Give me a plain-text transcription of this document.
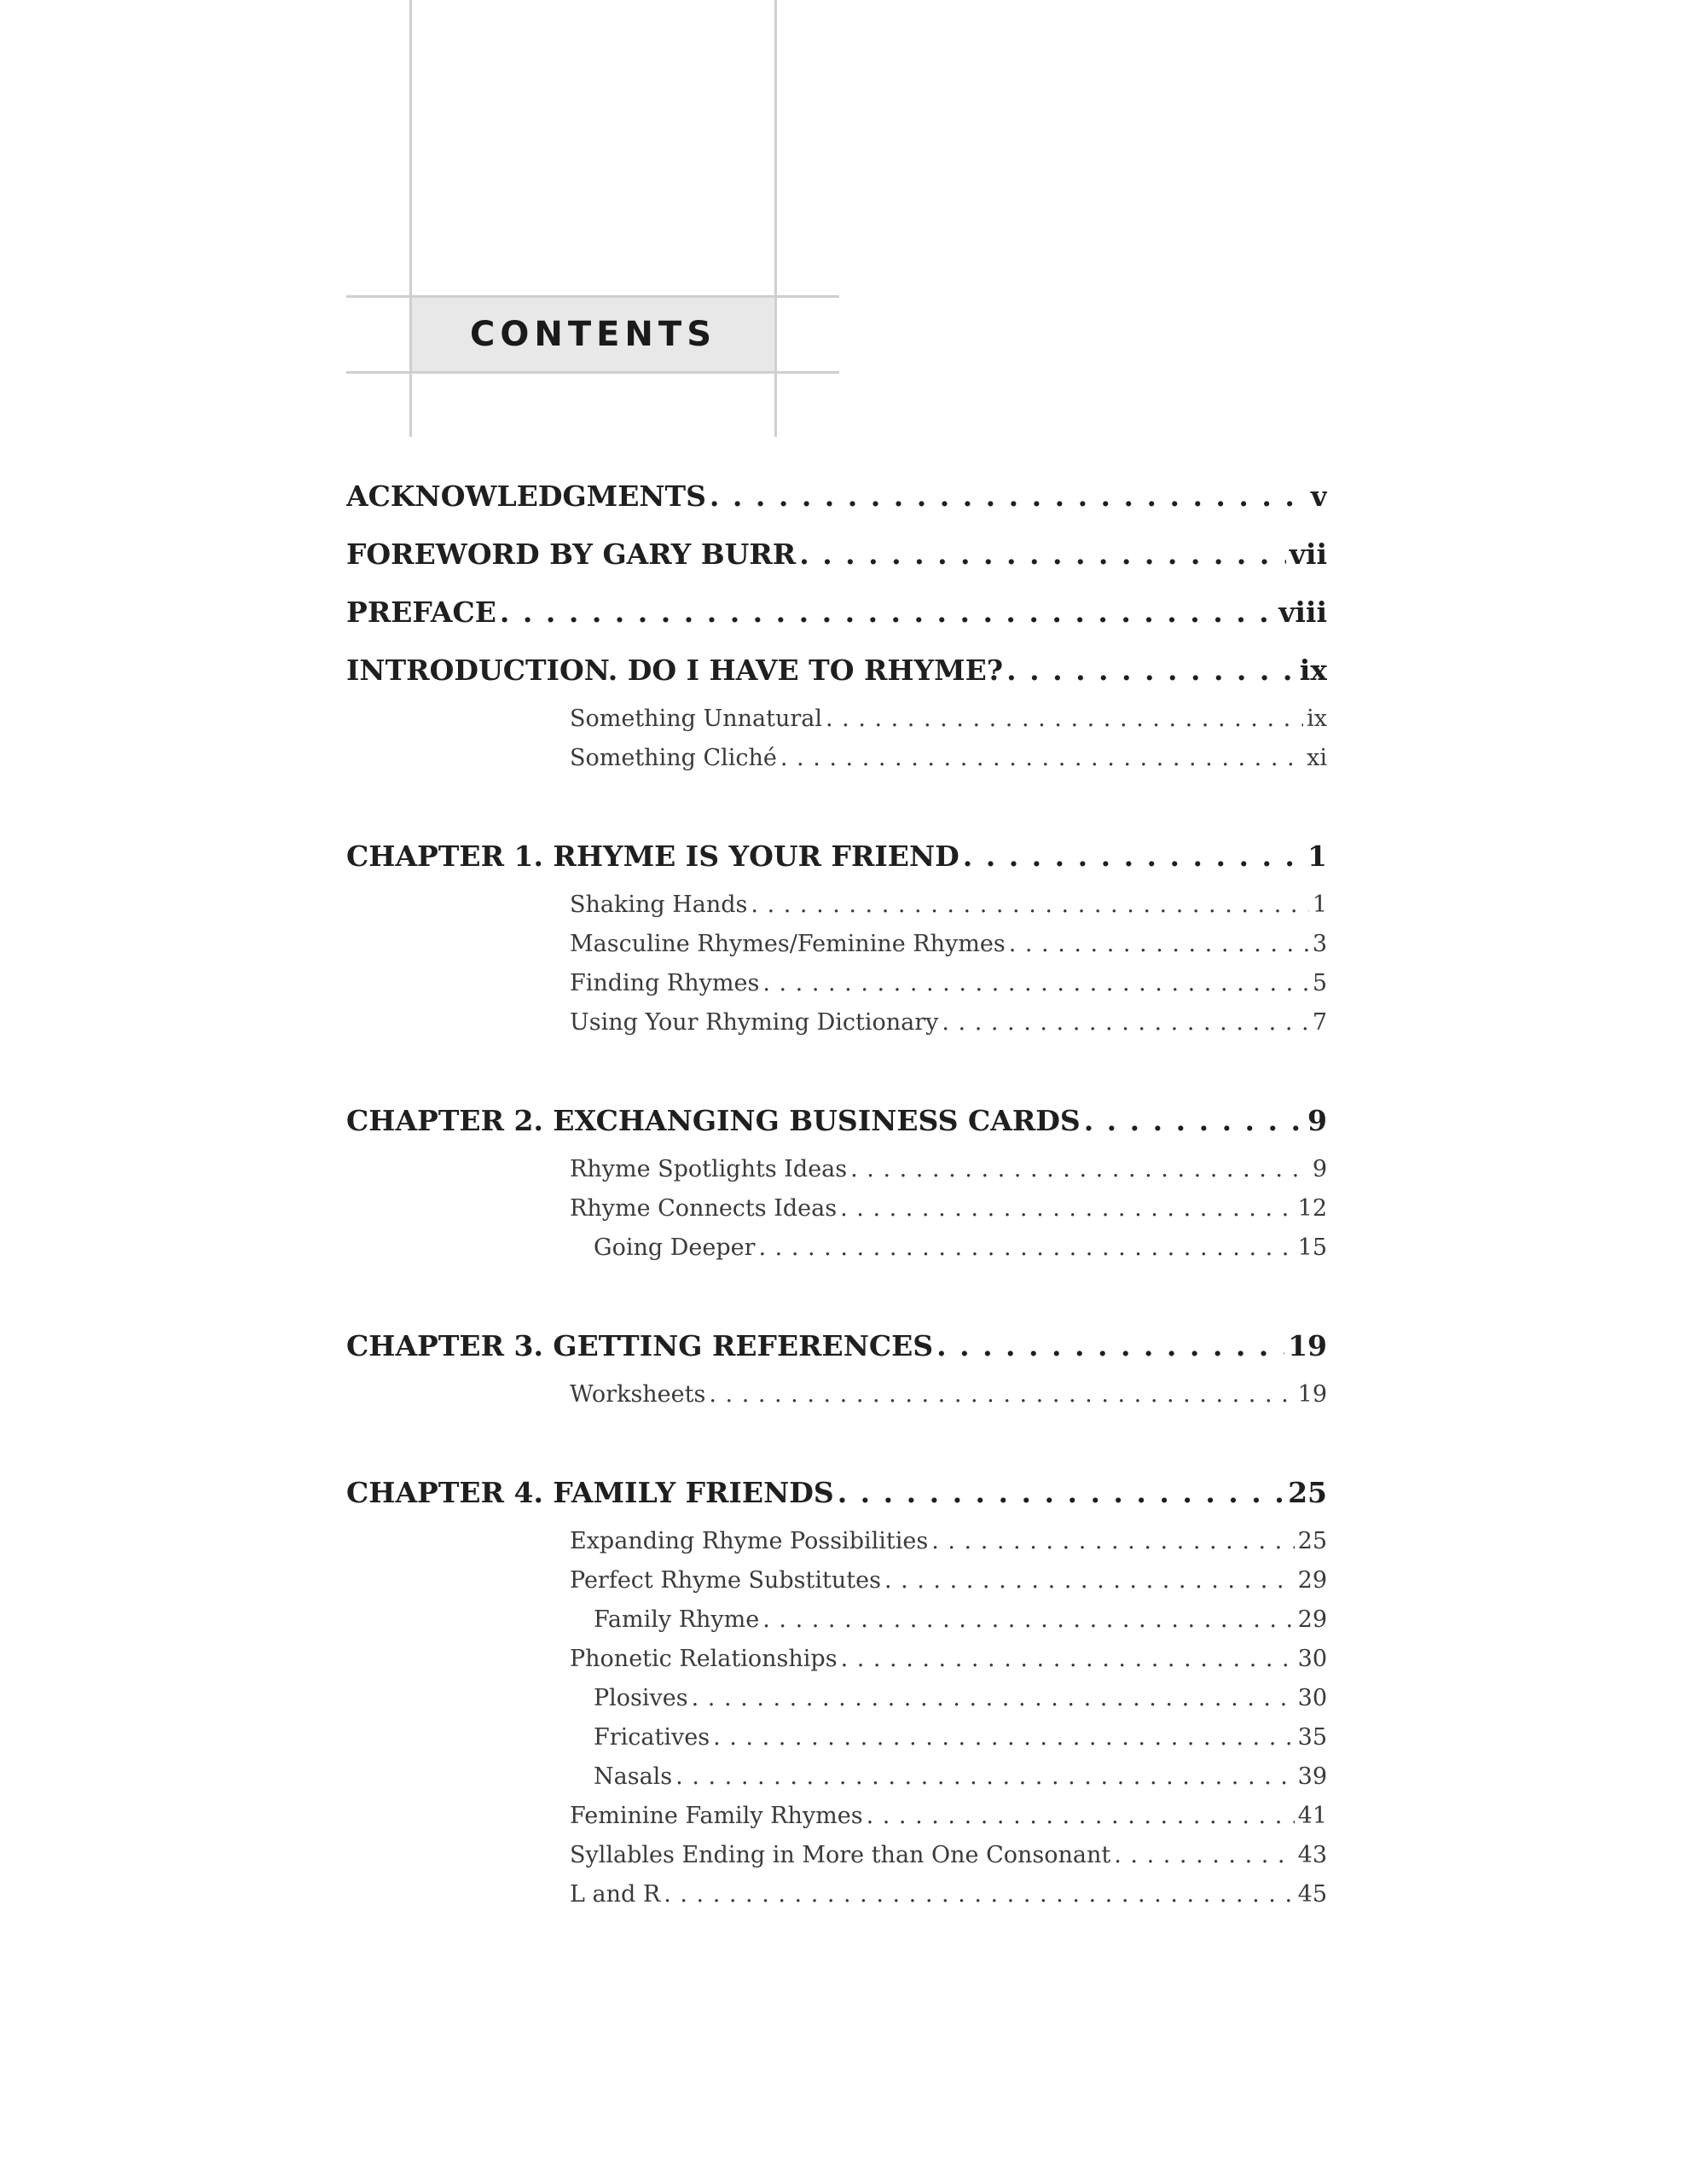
CONTENTS
ACKNOWLEDGMENTS . . .	v
FOREWORD BY GARY BURR . . .	vii
PREFACE . . .	viii
INTRODUCTION. DO I HAVE TO RHYME? . . .	ix
Something Unnatural . . .	ix
Something Cliché . . .	xi
CHAPTER 1. RHYME IS YOUR FRIEND . . .	1
Shaking Hands . . .	1
Masculine Rhymes/Feminine Rhymes . . .	3
Finding Rhymes . . .	5
Using Your Rhyming Dictionary . . .	7
CHAPTER 2. EXCHANGING BUSINESS CARDS . . .	9
Rhyme Spotlights Ideas . . .	9
Rhyme Connects Ideas . . .	12
Going Deeper . . .	15
CHAPTER 3. GETTING REFERENCES . . .	19
Worksheets . . .	19
CHAPTER 4. FAMILY FRIENDS . . .	25
Expanding Rhyme Possibilities . . .	25
Perfect Rhyme Substitutes . . .	29
Family Rhyme . . .	29
Phonetic Relationships . . .	30
Plosives . . .	30
Fricatives . . .	35
Nasals . . .	39
Feminine Family Rhymes . . .	41
Syllables Ending in More than One Consonant . . .	43
L and R . . .	45
